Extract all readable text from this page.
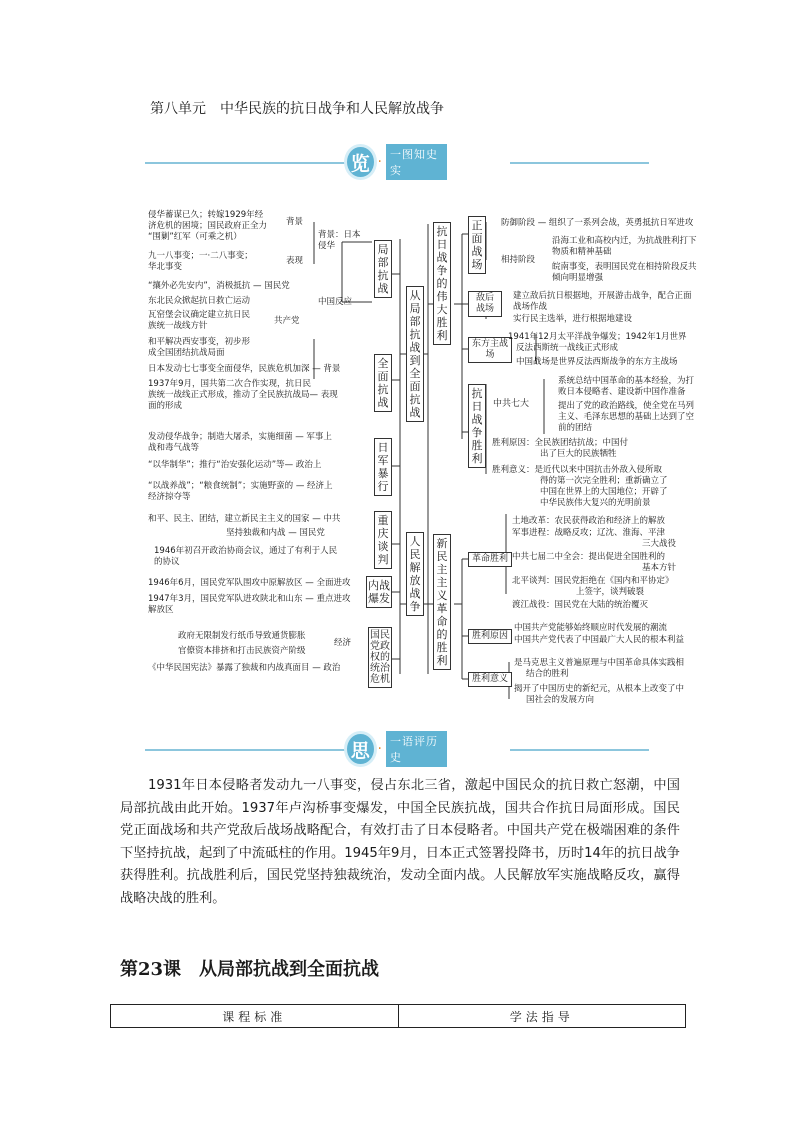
第八单元　中华民族的抗日战争和人民解放战争
览 · 一图知史实
从局部抗战到全面抗战
抗日战争的伟大胜利
人民解放战争
新民主主义革命的胜利
局部抗战
全面抗战
日军暴行
重庆谈判
内战爆发
国民党政权的统治危机
正面战场
敌后战场
东方主战场
抗日战争胜利
革命胜利
胜利原因
胜利意义
侵华蓄谋已久；转嫁1929年经
济危机的困境；国民政府正全力
“围剿”红军（可乘之机）
背景
背景：日本侵华
九一八事变；一·二八事变；
华北事变
表现
中国反应
“攘外必先安内”，消极抵抗 — 国民党
东北民众掀起抗日救亡运动
瓦窑堡会议确定建立抗日民
族统一战线方针	共产党
和平解决西安事变，初步形
成全国团结抗战局面
日本发动七七事变全面侵华，民族危机加深 — 背景
1937年9月，国共第二次合作实现，抗日民
族统一战线正式形成，推动了全民族抗战局— 表现
面的形成
发动侵华战争；制造大屠杀，实施细菌 — 军事上
战和毒气战等
“以华制华”；推行“治安强化运动”等— 政治上
“以战养战”；“粮食统制”；实施野蛮的 — 经济上
经济掠夺等
和平、民主、团结，建立新民主主义的国家 — 中共
坚持独裁和内战 — 国民党
1946年初召开政治协商会议，通过了有利于人民
的协议
1946年6月，国民党军队围攻中原解放区 — 全面进攻
1947年3月，国民党军队进攻陕北和山东 — 重点进攻
解放区
政府无限制发行纸币导致通货膨胀
官僚资本排挤和打击民族资产阶级
经济
《中华民国宪法》暴露了独裁和内战真面目 — 政治
防御阶段 — 组织了一系列会战，英勇抵抗日军进攻
沿海工业和高校内迁，为抗战胜利打下
物质和精神基础
相持阶段
皖南事变，表明国民党在相持阶段反共
倾向明显增强
建立敌后抗日根据地，开展游击战争，配合正面
战场作战
实行民主选举，进行根据地建设
1941年12月太平洋战争爆发；1942年1月世界
反法西斯统一战线正式形成
中国战场是世界反法西斯战争的东方主战场
中共七大
系统总结中国革命的基本经验，为打
败日本侵略者、建设新中国作准备
提出了党的政治路线，使全党在马列
主义、毛泽东思想的基础上达到了空
前的团结
胜利原因：全民族团结抗战；中国付
出了巨大的民族牺牲
胜利意义：是近代以来中国抗击外敌入侵所取
得的第一次完全胜利；重新确立了
中国在世界上的大国地位；开辟了
中华民族伟大复兴的光明前景
土地改革：农民获得政治和经济上的解放
军事进程：战略反攻；辽沈、淮海、平津
三大战役
中共七届二中全会：提出促进全国胜利的
基本方针
北平谈判：国民党拒绝在《国内和平协定》
上签字，谈判破裂
渡江战役：国民党在大陆的统治覆灭
中国共产党能够始终顺应时代发展的潮流
中国共产党代表了中国最广大人民的根本利益
是马克思主义普遍原理与中国革命具体实践相
结合的胜利
揭开了中国历史的新纪元，从根本上改变了中
国社会的发展方向
思 · 一语评历史
1931年日本侵略者发动九一八事变，侵占东北三省，激起中国民众的抗日救亡怒潮，中国局部抗战由此开始。1937年卢沟桥事变爆发，中国全民族抗战，国共合作抗日局面形成。国民党正面战场和共产党敌后战场战略配合，有效打击了日本侵略者。中国共产党在极端困难的条件下坚持抗战，起到了中流砥柱的作用。1945年9月，日本正式签署投降书，历时14年的抗日战争获得胜利。抗战胜利后，国民党坚持独裁统治，发动全面内战。人民解放军实施战略反攻，赢得战略决战的胜利。
第23课　从局部抗战到全面抗战
课程标准	学法指导
